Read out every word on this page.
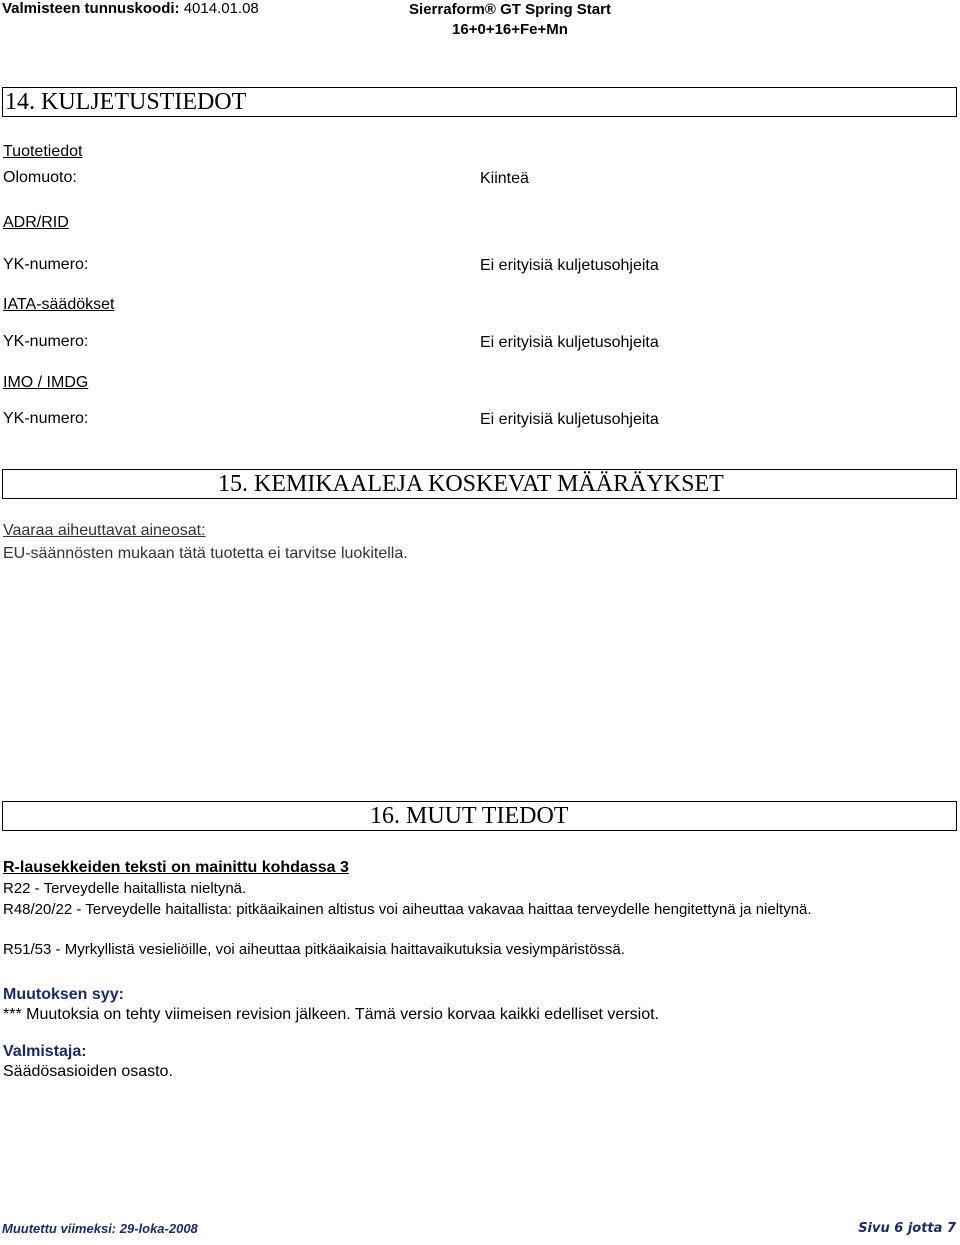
Valmisteen tunnuskoodi: 4014.01.08	Sierraform® GT Spring Start
16+0+16+Fe+Mn
14. KULJETUSTIEDOT
Tuotetiedot
Olomuoto:	Kiinteä
ADR/RID
YK-numero:	Ei erityisiä kuljetusohjeita
IATA-säädökset
YK-numero:	Ei erityisiä kuljetusohjeita
IMO / IMDG
YK-numero:	Ei erityisiä kuljetusohjeita
15. KEMIKAALEJA KOSKEVAT MÄÄRÄYKSET
Vaaraa aiheuttavat aineosat:
EU-säännösten mukaan tätä tuotetta ei tarvitse luokitella.
16. MUUT TIEDOT
R-lausekkeiden teksti on mainittu kohdassa 3
R22 - Terveydelle haitallista nieltynä.
R48/20/22 - Terveydelle haitallista: pitkäaikainen altistus voi aiheuttaa vakavaa haittaa terveydelle hengitettynä ja nieltynä.
R51/53 - Myrkyllistä vesieliöille, voi aiheuttaa pitkäaikaisia haittavaikutuksia vesiympäristössä.
Muutoksen syy:
*** Muutoksia on tehty viimeisen revision jälkeen. Tämä versio korvaa kaikki edelliset versiot.
Valmistaja:
Säädösasioiden osasto.
Muutettu viimeksi: 29-loka-2008	Sivu 6 jotta 7
